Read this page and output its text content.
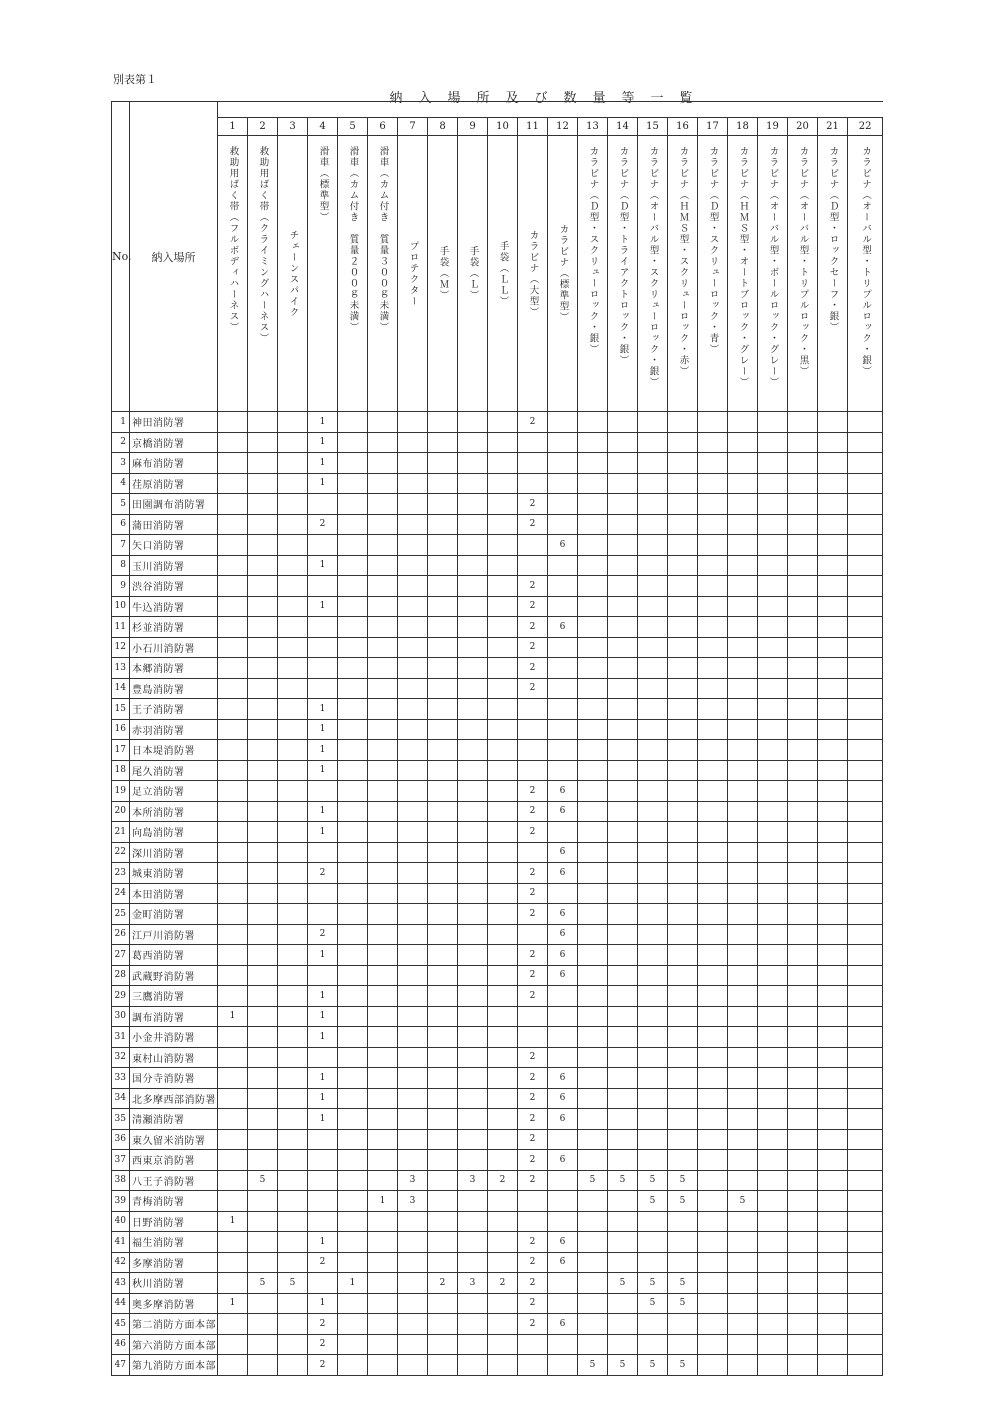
別表第１
納入場所及び数量等一覧
No.	納入場所																						
		1	2	3	4	5	6	7	8	9	10	11	12	13	14	15	16	17	18	19	20	21	22

		救助用ばく帯（フルボディハーネス）	救助用ばく帯（クライミングハーネス）	チェーンスパイク	滑車（標準型）	滑車（カム付き　質量２００ｇ未満）	滑車（カム付き　質量３００ｇ未満）	プロテクター	手袋（Ｍ）	手袋（Ｌ）	手袋（ＬＬ）	カラビナ（大型）	カラビナ（標準型）	カラビナ（Ｄ型・スクリューロック・銀）	カラビナ（Ｄ型・トライアクトロック・銀）	カラビナ（オーバル型・スクリューロック・銀）	カラビナ（ＨＭＳ型・スクリューロック・赤）	カラビナ（Ｄ型・スクリューロック・青）	カラビナ（ＨＭＳ型・オートブロック・グレー）	カラビナ（オーバル型・ボールロック・グレー）	カラビナ（オーバル型・トリプルロック・黒）	カラビナ（Ｄ型・ロックセーフ・銀）	カラビナ（オーバル型・トリプルロック・銀）

1	神田消防署				1							2											
2	京橋消防署				1																		
3	麻布消防署				1																		
4	荏原消防署				1																		
5	田園調布消防署											2											
6	蒲田消防署				2							2											
7	矢口消防署												6										
8	玉川消防署				1																		
9	渋谷消防署											2											
10	牛込消防署				1							2											
11	杉並消防署											2	6										
12	小石川消防署											2											
13	本郷消防署											2											
14	豊島消防署											2											
15	王子消防署				1																		
16	赤羽消防署				1																		
17	日本堤消防署				1																		
18	尾久消防署				1																		
19	足立消防署											2	6										
20	本所消防署				1							2	6										
21	向島消防署				1							2											
22	深川消防署												6										
23	城東消防署				2							2	6										
24	本田消防署											2											
25	金町消防署											2	6										
26	江戸川消防署				2								6										
27	葛西消防署				1							2	6										
28	武蔵野消防署											2	6										
29	三鷹消防署				1							2											
30	調布消防署	1			1																		
31	小金井消防署				1																		
32	東村山消防署											2											
33	国分寺消防署				1							2	6										
34	北多摩西部消防署				1							2	6										
35	清瀬消防署				1							2	6										
36	東久留米消防署											2											
37	西東京消防署											2	6										
38	八王子消防署		5					3		3	2	2		5	5	5	5						
39	青梅消防署						1	3								5	5		5				
40	日野消防署	1																					
41	福生消防署				1							2	6										
42	多摩消防署				2							2	6										
43	秋川消防署		5	5		1			2	3	2	2			5	5	5						
44	奥多摩消防署	1			1							2				5	5						
45	第二消防方面本部				2							2	6										
46	第六消防方面本部				2																		
47	第九消防方面本部				2									5	5	5	5						
